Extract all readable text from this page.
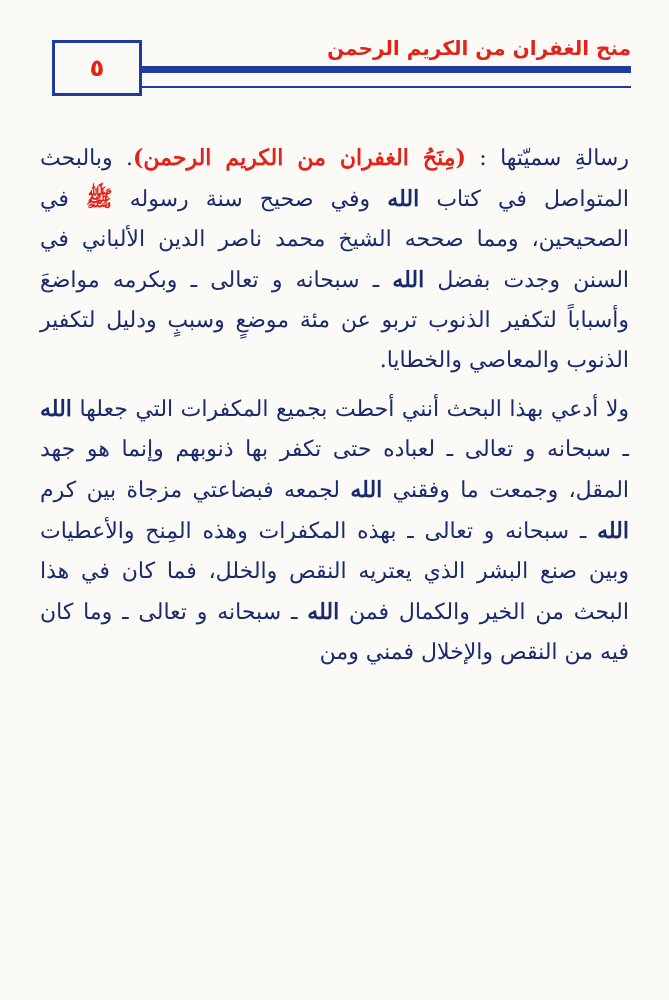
٥
منح الغفران من الكريم الرحمن

رسالةِ سميّتها : (مِنَحُ الغفران من الكريم الرحمن). وبالبحث المتواصل في كتاب الله وفي صحيح سنة رسوله ﷺ في الصحيحين، ومما صححه الشيخ محمد ناصر الدين الألباني في السنن وجدت بفضل الله ـ سبحانه و تعالى ـ وبكرمه مواضعَ وأسباباً لتكفير الذنوب تربو عن مئة موضعٍ وسببٍ ودليل لتكفير الذنوب والمعاصي والخطايا.

ولا أدعي بهذا البحث أنني أحطت بجميع المكفرات التي جعلها الله ـ سبحانه و تعالى ـ لعباده حتى تكفر بها ذنوبهم وإنما هو جهد المقل، وجمعت ما وفقني الله لجمعه فبضاعتي مزجاة بين كرم الله ـ سبحانه و تعالى ـ بهذه المكفرات وهذه المِنح والأعطيات وبين صنع البشر الذي يعتريه النقص والخلل، فما كان في هذا البحث من الخير والكمال فمن الله ـ سبحانه و تعالى ـ وما كان فيه من النقص والإخلال فمني ومن
